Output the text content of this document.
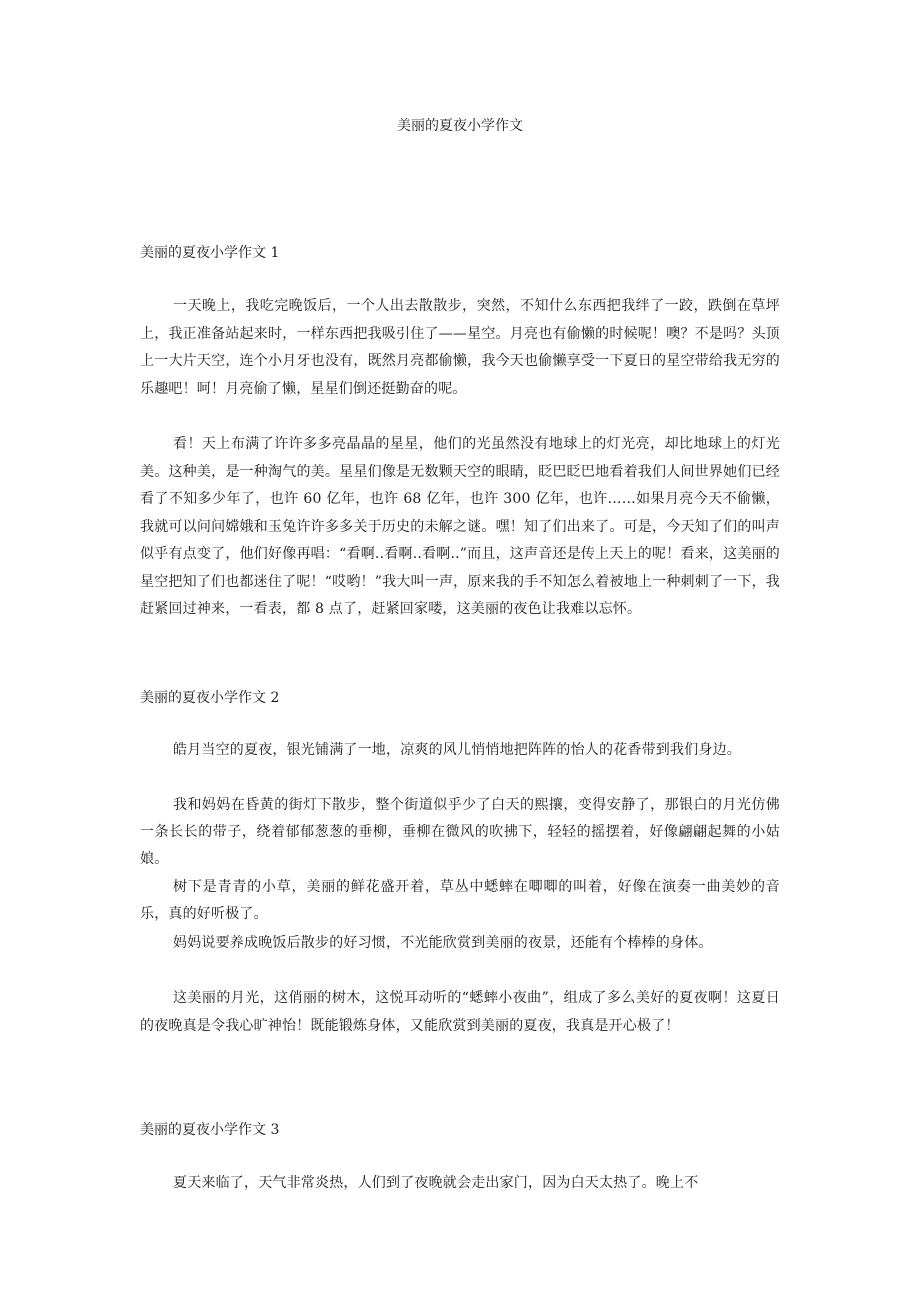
美丽的夏夜小学作文

美丽的夏夜小学作文 1

一天晚上，我吃完晚饭后，一个人出去散散步，突然，不知什么东西把我绊了一跤，跌倒在草坪上，我正准备站起来时，一样东西把我吸引住了——星空。月亮也有偷懒的时候呢！噢？不是吗？头顶上一大片天空，连个小月牙也没有，既然月亮都偷懒，我今天也偷懒享受一下夏日的星空带给我无穷的乐趣吧！呵！月亮偷了懒，星星们倒还挺勤奋的呢。

看！天上布满了许许多多亮晶晶的星星，他们的光虽然没有地球上的灯光亮，却比地球上的灯光美。这种美，是一种淘气的美。星星们像是无数颗天空的眼睛，眨巴眨巴地看着我们人间世界她们已经看了不知多少年了，也许 60 亿年，也许 68 亿年，也许 300 亿年，也许……如果月亮今天不偷懒，我就可以问问嫦娥和玉兔许许多多关于历史的未解之谜。嘿！知了们出来了。可是，今天知了们的叫声似乎有点变了，他们好像再唱：“看啊..看啊..看啊..”而且，这声音还是传上天上的呢！看来，这美丽的星空把知了们也都迷住了呢！“哎哟！”我大叫一声，原来我的手不知怎么着被地上一种刺刺了一下，我赶紧回过神来，一看表，都 8 点了，赶紧回家喽，这美丽的夜色让我难以忘怀。

美丽的夏夜小学作文 2

皓月当空的夏夜，银光铺满了一地，凉爽的风儿悄悄地把阵阵的怡人的花香带到我们身边。

我和妈妈在昏黄的街灯下散步，整个街道似乎少了白天的熙攘，变得安静了，那银白的月光仿佛一条长长的带子，绕着郁郁葱葱的垂柳，垂柳在微风的吹拂下，轻轻的摇摆着，好像翩翩起舞的小姑娘。

树下是青青的小草，美丽的鲜花盛开着，草丛中蟋蟀在唧唧的叫着，好像在演奏一曲美妙的音乐，真的好听极了。

妈妈说要养成晚饭后散步的好习惯，不光能欣赏到美丽的夜景，还能有个棒棒的身体。

这美丽的月光，这俏丽的树木，这悦耳动听的“蟋蟀小夜曲”，组成了多么美好的夏夜啊！这夏日的夜晚真是令我心旷神怡！既能锻炼身体，又能欣赏到美丽的夏夜，我真是开心极了！

美丽的夏夜小学作文 3

夏天来临了，天气非常炎热，人们到了夜晚就会走出家门，因为白天太热了。晚上不
